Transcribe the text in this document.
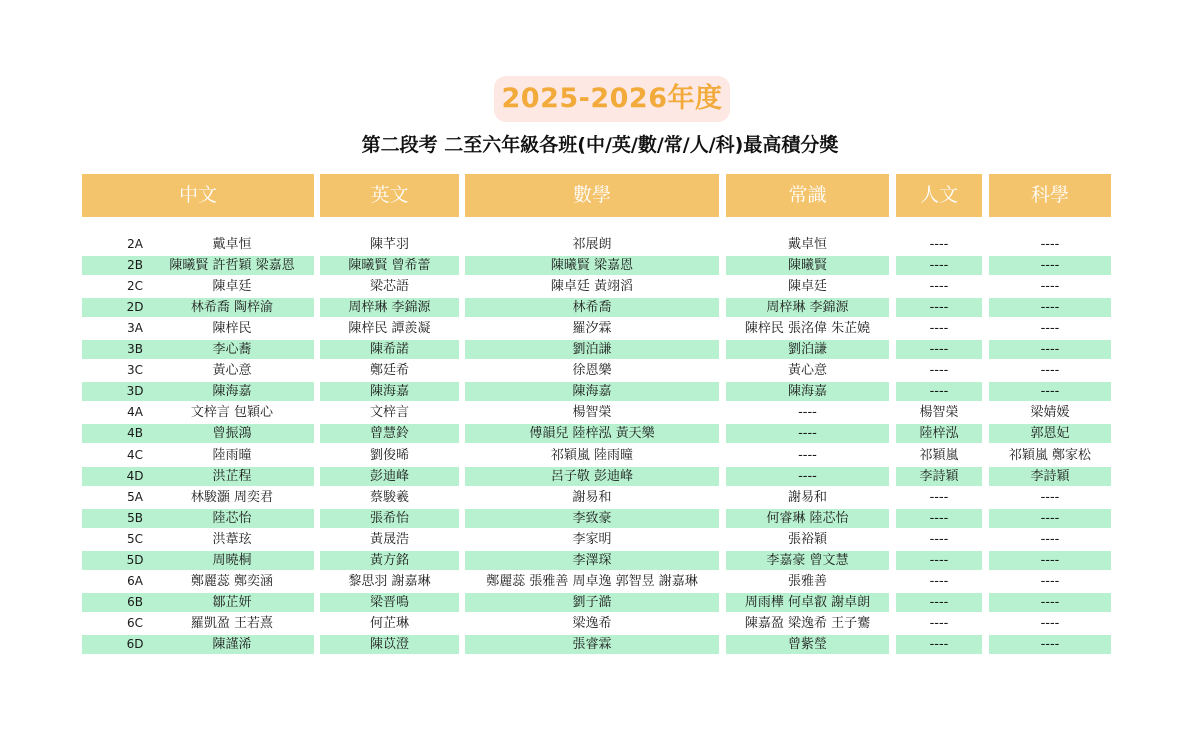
2025-2026年度
第二段考 二至六年級各班(中/英/數/常/人/科)最高積分獎
中文	英文	數學	常識	人文	科學
2A	戴卓恒	陳芊羽	祁展朗	戴卓恒	----	----
2B	陳曦賢 許哲穎 梁嘉恩	陳曦賢 曾希蕾	陳曦賢 梁嘉恩	陳曦賢	----	----
2C	陳卓廷	梁芯語	陳卓廷 黃翊滔	陳卓廷	----	----
2D	林希喬 陶梓渝	周梓琳 李錦源	林希喬	周梓琳 李錦源	----	----
3A	陳梓民	陳梓民 譚羨凝	羅汐霖	陳梓民 張洺偉 朱芷嬈	----	----
3B	李心蕎	陳希諾	劉泊謙	劉泊謙	----	----
3C	黃心意	鄭廷希	徐恩樂	黃心意	----	----
3D	陳海嘉	陳海嘉	陳海嘉	陳海嘉	----	----
4A	文梓言 包穎心	文梓言	楊智榮	----	楊智榮	梁婧媛
4B	曾振鴻	曾慧鈴	傅韻兒 陸梓泓 黃天樂	----	陸梓泓	郭恩妃
4C	陸雨曈	劉俊晞	祁穎嵐 陸雨曈	----	祁穎嵐	祁穎嵐 鄭家松
4D	洪芷程	彭迪峰	呂子敬 彭迪峰	----	李詩穎	李詩穎
5A	林駿灝 周奕君	蔡駿羲	謝易和	謝易和	----	----
5B	陸芯怡	張希怡	李致豪	何睿琳 陸芯怡	----	----
5C	洪葦玹	黃晟浩	李家明	張裕穎	----	----
5D	周曉桐	黃方銘	李澤琛	李嘉豪 曾文慧	----	----
6A	鄭麗蕊 鄭奕涵	黎思羽 謝嘉琳	鄭麗蕊 張雅善 周卓逸 郭智昱 謝嘉琳	張雅善	----	----
6B	鄒芷妍	梁晋鳴	劉子澔	周雨樺 何卓叡 謝卓朗	----	----
6C	羅凱盈 王若熹	何芷琳	梁逸希	陳嘉盈 梁逸希 王子騫	----	----
6D	陳謹浠	陳苡澄	張睿霖	曾紫瑩	----	----
